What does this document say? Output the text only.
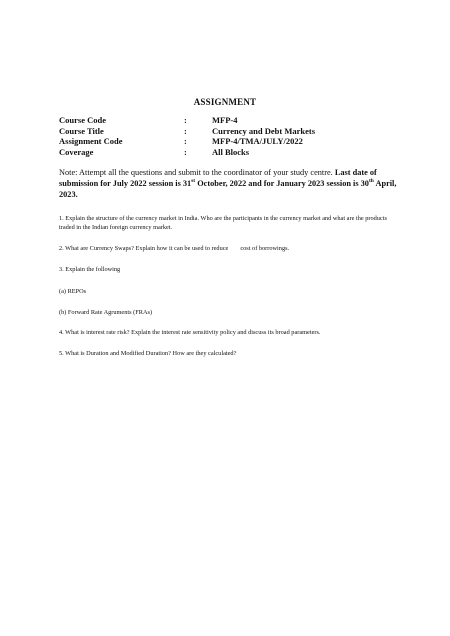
ASSIGNMENT
Course Code	:	MFP-4
Course Title	:	Currency and Debt Markets
Assignment Code	:	MFP-4/TMA/JULY/2022
Coverage	:	All Blocks
Note: Attempt all the questions and submit to the coordinator of your study centre. Last date of submission for July 2022 session is 31st October, 2022 and for January 2023 session is 30th April, 2023.
1. Explain the structure of the currency market in India. Who are the participants in the currency market and what are the products traded in the Indian foreign currency market.
2. What are Currency Swaps? Explain how it can be used to reduce cost of borrowings.
3. Explain the following
(a) REPOs
(b) Forward Rate Agruments (FRAs)
4. What is interest rate risk? Explain the interest rate sensitivity policy and discuss its broad parameters.
5. What is Duration and Modified Duration? How are they calculated?
